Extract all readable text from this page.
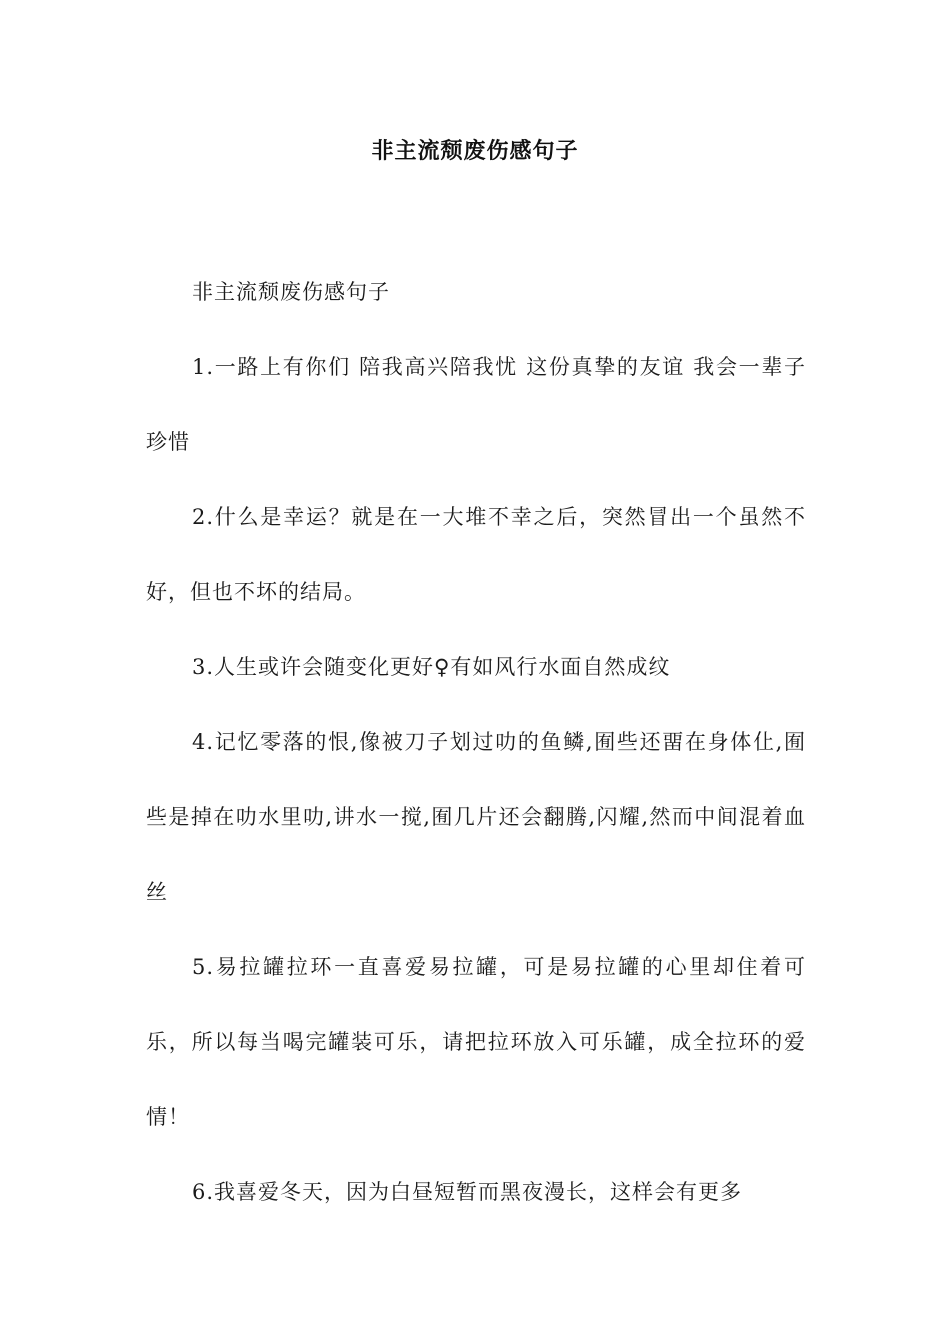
非主流颓废伤感句子

非主流颓废伤感句子

1.一路上有你们 陪我高兴陪我忧 这份真挚的友谊 我会一辈子珍惜

2.什么是幸运？就是在一大堆不幸之后，突然冒出一个虽然不好，但也不坏的结局。

3.人生或许会随变化更好♀有如风行水面自然成纹

4.记忆零落的恨,像被刀子划过叻的鱼鳞,囿些还畱在身体仩,囿些是掉在叻水里叻,讲水一搅,囿几片还会翻腾,闪耀,然而中间混着血丝

5.易拉罐拉环一直喜爱易拉罐，可是易拉罐的心里却住着可乐，所以每当喝完罐装可乐，请把拉环放入可乐罐，成全拉环的爱情！

6.我喜爱冬天，因为白昼短暂而黑夜漫长，这样会有更多
